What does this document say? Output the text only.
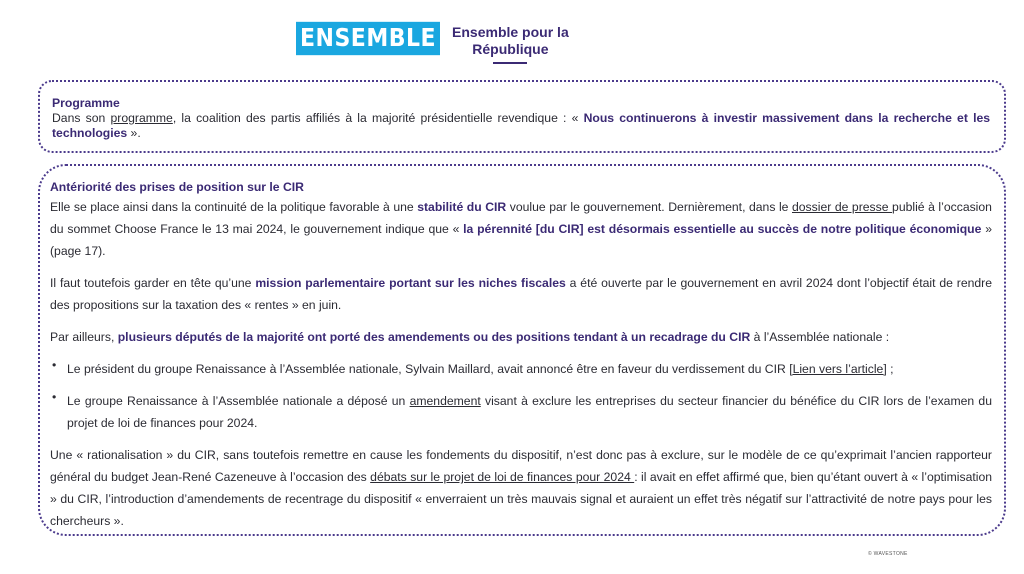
ENSEMBLE Ensemble pour la
République
Programme
Dans son programme, la coalition des partis affiliés à la majorité présidentielle revendique : « Nous continuerons à investir massivement dans la recherche et les technologies ».
Antériorité des prises de position sur le CIR

Elle se place ainsi dans la continuité de la politique favorable à une stabilité du CIR voulue par le gouvernement. Dernièrement, dans le dossier de presse publié à l’occasion du sommet Choose France le 13 mai 2024, le gouvernement indique que « la pérennité [du CIR] est désormais essentielle au succès de notre politique économique » (page 17).

Il faut toutefois garder en tête qu’une mission parlementaire portant sur les niches fiscales a été ouverte par le gouvernement en avril 2024 dont l’objectif était de rendre des propositions sur la taxation des « rentes » en juin.

Par ailleurs, plusieurs députés de la majorité ont porté des amendements ou des positions tendant à un recadrage du CIR à l’Assemblée nationale :

• Le président du groupe Renaissance à l’Assemblée nationale, Sylvain Maillard, avait annoncé être en faveur du verdissement du CIR [Lien vers l’article] ;
• Le groupe Renaissance à l’Assemblée nationale a déposé un amendement visant à exclure les entreprises du secteur financier du bénéfice du CIR lors de l’examen du projet de loi de finances pour 2024.

Une « rationalisation » du CIR, sans toutefois remettre en cause les fondements du dispositif, n’est donc pas à exclure, sur le modèle de ce qu’exprimait l’ancien rapporteur général du budget Jean-René Cazeneuve à l’occasion des débats sur le projet de loi de finances pour 2024 : il avait en effet affirmé que, bien qu’étant ouvert à « l’optimisation » du CIR, l’introduction d’amendements de recentrage du dispositif « enverraient un très mauvais signal et auraient un effet très négatif sur l’attractivité de notre pays pour les chercheurs ».

© WAVESTONE
